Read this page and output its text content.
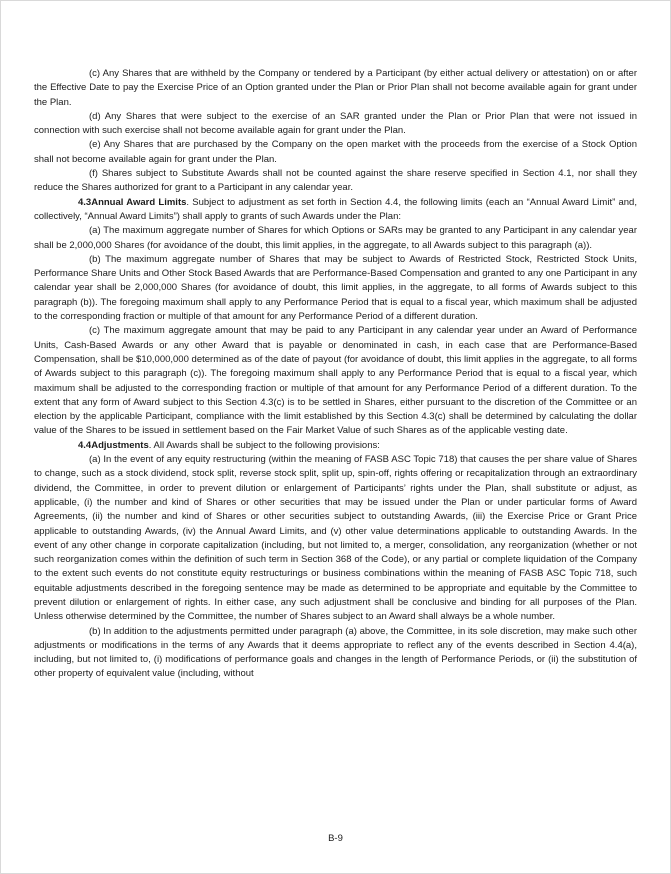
(c) Any Shares that are withheld by the Company or tendered by a Participant (by either actual delivery or attestation) on or after the Effective Date to pay the Exercise Price of an Option granted under the Plan or Prior Plan shall not become available again for grant under the Plan.

(d) Any Shares that were subject to the exercise of an SAR granted under the Plan or Prior Plan that were not issued in connection with such exercise shall not become available again for grant under the Plan.

(e) Any Shares that are purchased by the Company on the open market with the proceeds from the exercise of a Stock Option shall not become available again for grant under the Plan.

(f) Shares subject to Substitute Awards shall not be counted against the share reserve specified in Section 4.1, nor shall they reduce the Shares authorized for grant to a Participant in any calendar year.

4.3Annual Award Limits. Subject to adjustment as set forth in Section 4.4, the following limits (each an “Annual Award Limit” and, collectively, “Annual Award Limits”) shall apply to grants of such Awards under the Plan:

(a) The maximum aggregate number of Shares for which Options or SARs may be granted to any Participant in any calendar year shall be 2,000,000 Shares (for avoidance of the doubt, this limit applies, in the aggregate, to all Awards subject to this paragraph (a)).

(b) The maximum aggregate number of Shares that may be subject to Awards of Restricted Stock, Restricted Stock Units, Performance Share Units and Other Stock Based Awards that are Performance-Based Compensation and granted to any one Participant in any calendar year shall be 2,000,000 Shares (for avoidance of doubt, this limit applies, in the aggregate, to all forms of Awards subject to this paragraph (b)). The foregoing maximum shall apply to any Performance Period that is equal to a fiscal year, which maximum shall be adjusted to the corresponding fraction or multiple of that amount for any Performance Period of a different duration.

(c) The maximum aggregate amount that may be paid to any Participant in any calendar year under an Award of Performance Units, Cash-Based Awards or any other Award that is payable or denominated in cash, in each case that are Performance-Based Compensation, shall be $10,000,000 determined as of the date of payout (for avoidance of doubt, this limit applies in the aggregate, to all forms of Awards subject to this paragraph (c)). The foregoing maximum shall apply to any Performance Period that is equal to a fiscal year, which maximum shall be adjusted to the corresponding fraction or multiple of that amount for any Performance Period of a different duration. To the extent that any form of Award subject to this Section 4.3(c) is to be settled in Shares, either pursuant to the discretion of the Committee or an election by the applicable Participant, compliance with the limit established by this Section 4.3(c) shall be determined by calculating the dollar value of the Shares to be issued in settlement based on the Fair Market Value of such Shares as of the applicable vesting date.

4.4Adjustments. All Awards shall be subject to the following provisions:

(a) In the event of any equity restructuring (within the meaning of FASB ASC Topic 718) that causes the per share value of Shares to change, such as a stock dividend, stock split, reverse stock split, split up, spin-off, rights offering or recapitalization through an extraordinary dividend, the Committee, in order to prevent dilution or enlargement of Participants’ rights under the Plan, shall substitute or adjust, as applicable, (i) the number and kind of Shares or other securities that may be issued under the Plan or under particular forms of Award Agreements, (ii) the number and kind of Shares or other securities subject to outstanding Awards, (iii) the Exercise Price or Grant Price applicable to outstanding Awards, (iv) the Annual Award Limits, and (v) other value determinations applicable to outstanding Awards. In the event of any other change in corporate capitalization (including, but not limited to, a merger, consolidation, any reorganization (whether or not such reorganization comes within the definition of such term in Section 368 of the Code), or any partial or complete liquidation of the Company to the extent such events do not constitute equity restructurings or business combinations within the meaning of FASB ASC Topic 718, such equitable adjustments described in the foregoing sentence may be made as determined to be appropriate and equitable by the Committee to prevent dilution or enlargement of rights. In either case, any such adjustment shall be conclusive and binding for all purposes of the Plan. Unless otherwise determined by the Committee, the number of Shares subject to an Award shall always be a whole number.

(b) In addition to the adjustments permitted under paragraph (a) above, the Committee, in its sole discretion, may make such other adjustments or modifications in the terms of any Awards that it deems appropriate to reflect any of the events described in Section 4.4(a), including, but not limited to, (i) modifications of performance goals and changes in the length of Performance Periods, or (ii) the substitution of other property of equivalent value (including, without

B-9
